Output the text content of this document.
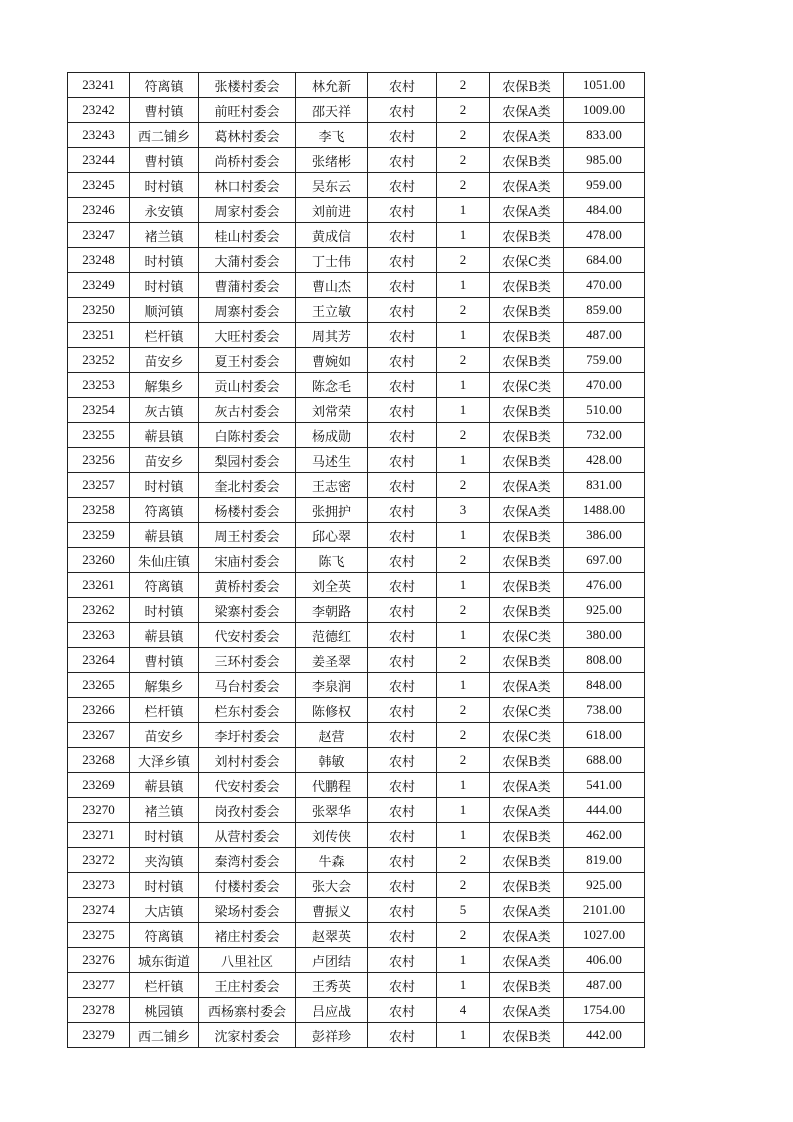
23241	符离镇	张楼村委会	林允新	农村	2	农保B类	1051.00
23242	曹村镇	前旺村委会	邵天祥	农村	2	农保A类	1009.00
23243	西二铺乡	葛林村委会	李飞	农村	2	农保A类	833.00
23244	曹村镇	尚桥村委会	张绪彬	农村	2	农保B类	985.00
23245	时村镇	林口村委会	吴东云	农村	2	农保A类	959.00
23246	永安镇	周家村委会	刘前进	农村	1	农保A类	484.00
23247	褚兰镇	桂山村委会	黄成信	农村	1	农保B类	478.00
23248	时村镇	大蒲村委会	丁士伟	农村	2	农保C类	684.00
23249	时村镇	曹蒲村委会	曹山杰	农村	1	农保B类	470.00
23250	顺河镇	周寨村委会	王立敏	农村	2	农保B类	859.00
23251	栏杆镇	大旺村委会	周其芳	农村	1	农保B类	487.00
23252	苗安乡	夏王村委会	曹婉如	农村	2	农保B类	759.00
23253	解集乡	贡山村委会	陈念毛	农村	1	农保C类	470.00
23254	灰古镇	灰古村委会	刘常荣	农村	1	农保B类	510.00
23255	蕲县镇	白陈村委会	杨成勋	农村	2	农保B类	732.00
23256	苗安乡	梨园村委会	马述生	农村	1	农保B类	428.00
23257	时村镇	奎北村委会	王志密	农村	2	农保A类	831.00
23258	符离镇	杨楼村委会	张拥护	农村	3	农保A类	1488.00
23259	蕲县镇	周王村委会	邱心翠	农村	1	农保B类	386.00
23260	朱仙庄镇	宋庙村委会	陈飞	农村	2	农保B类	697.00
23261	符离镇	黄桥村委会	刘全英	农村	1	农保B类	476.00
23262	时村镇	梁寨村委会	李朝路	农村	2	农保B类	925.00
23263	蕲县镇	代安村委会	范德红	农村	1	农保C类	380.00
23264	曹村镇	三环村委会	姜圣翠	农村	2	农保B类	808.00
23265	解集乡	马台村委会	李泉润	农村	1	农保A类	848.00
23266	栏杆镇	栏东村委会	陈修权	农村	2	农保C类	738.00
23267	苗安乡	李圩村委会	赵营	农村	2	农保C类	618.00
23268	大泽乡镇	刘村村委会	韩敏	农村	2	农保B类	688.00
23269	蕲县镇	代安村委会	代鹏程	农村	1	农保A类	541.00
23270	褚兰镇	岗孜村委会	张翠华	农村	1	农保A类	444.00
23271	时村镇	从营村委会	刘传侠	农村	1	农保B类	462.00
23272	夹沟镇	秦湾村委会	牛森	农村	2	农保B类	819.00
23273	时村镇	付楼村委会	张大会	农村	2	农保B类	925.00
23274	大店镇	梁场村委会	曹振义	农村	5	农保A类	2101.00
23275	符离镇	褚庄村委会	赵翠英	农村	2	农保A类	1027.00
23276	城东街道	八里社区	卢团结	农村	1	农保A类	406.00
23277	栏杆镇	王庄村委会	王秀英	农村	1	农保B类	487.00
23278	桃园镇	西杨寨村委会	吕应战	农村	4	农保A类	1754.00
23279	西二铺乡	沈家村委会	彭祥珍	农村	1	农保B类	442.00
